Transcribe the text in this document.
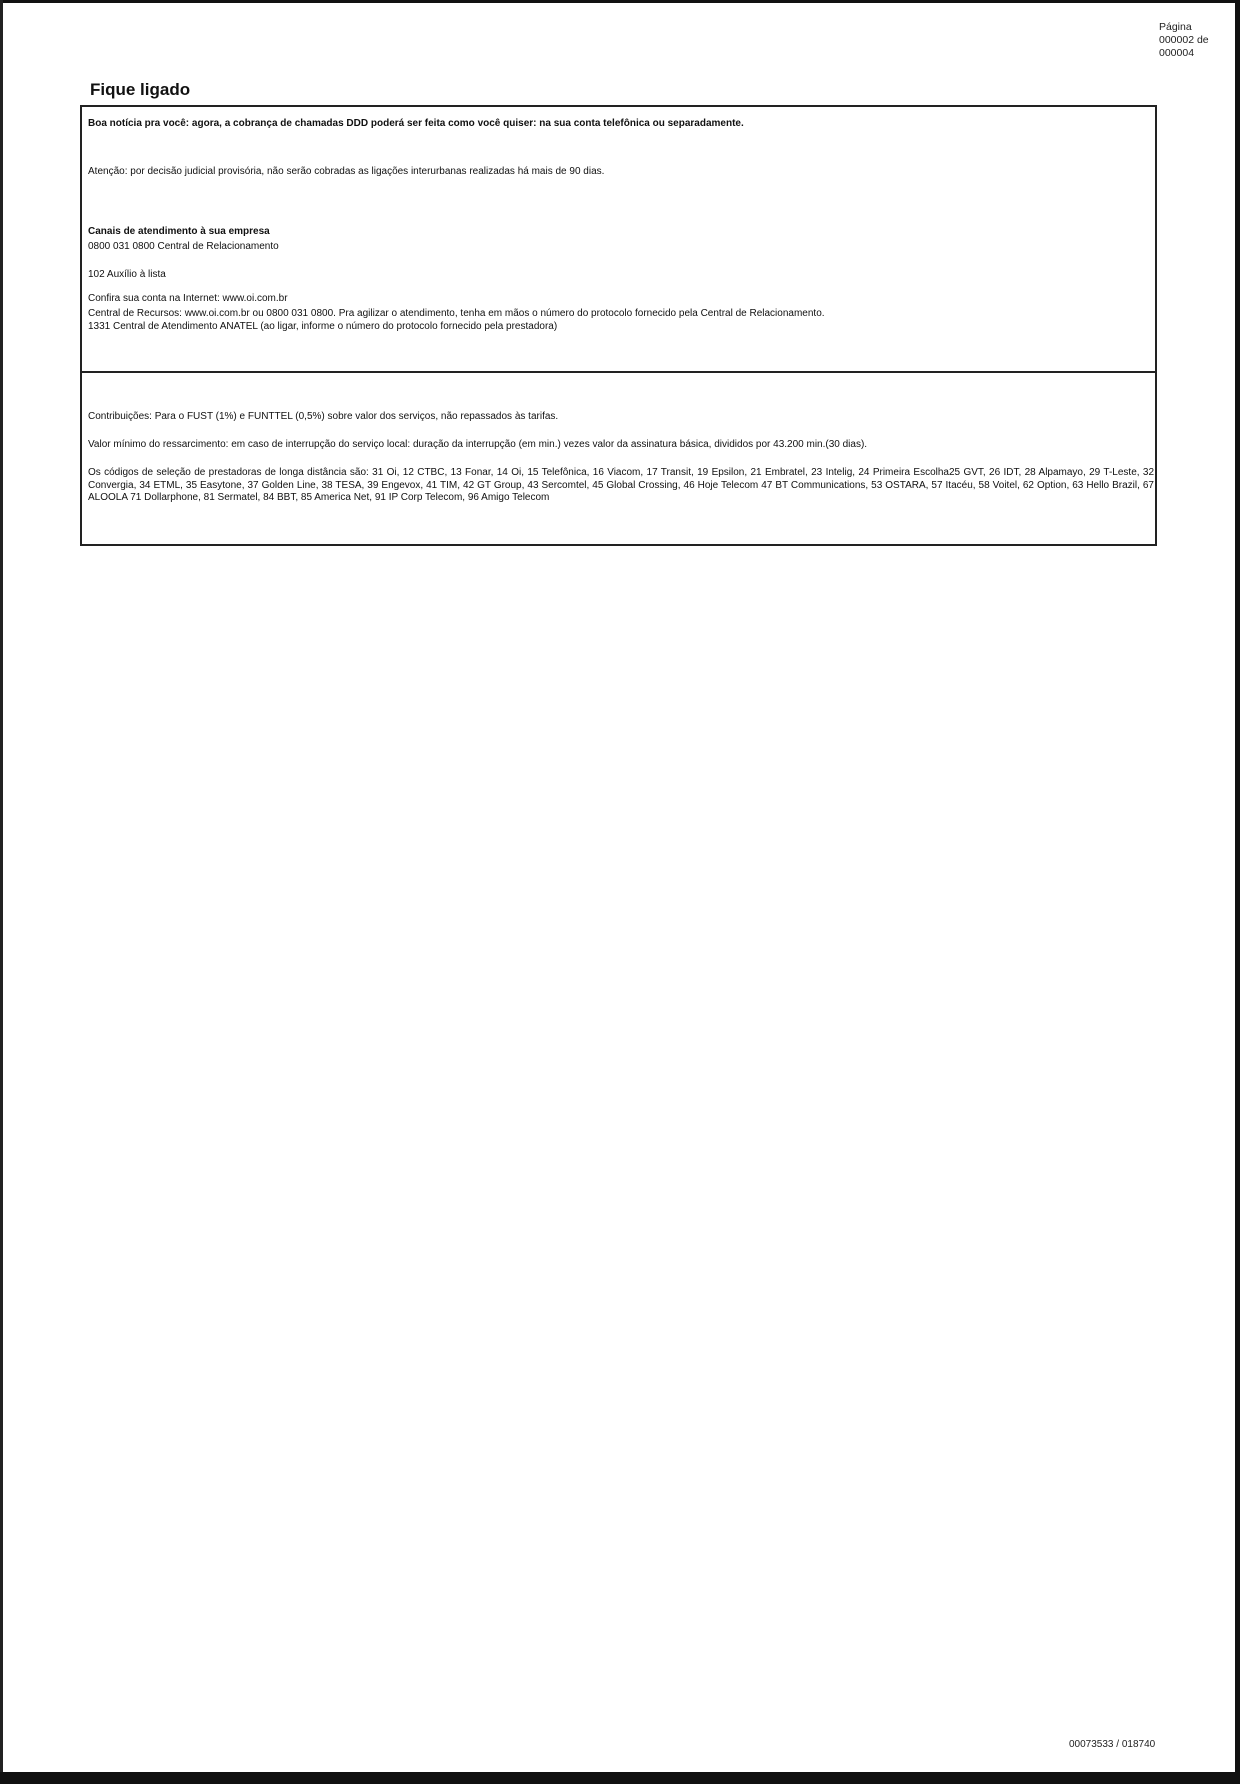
Página
000002 de
000004
Fique ligado
Boa notícia pra você: agora, a cobrança de chamadas DDD poderá ser feita como você quiser: na sua conta telefônica ou separadamente.
Atenção: por decisão judicial provisória, não serão cobradas as ligações interurbanas realizadas há mais de 90 dias.
Canais de atendimento à sua empresa
0800 031 0800 Central de Relacionamento
102 Auxílio à lista
Confira sua conta na Internet: www.oi.com.br
Central de Recursos: www.oi.com.br ou 0800 031 0800. Pra agilizar o atendimento, tenha em mãos o número do protocolo fornecido pela Central de Relacionamento.
1331 Central de Atendimento ANATEL (ao ligar, informe o número do protocolo fornecido pela prestadora)
Contribuições: Para o FUST (1%) e FUNTTEL (0,5%) sobre valor dos serviços, não repassados às tarifas.
Valor mínimo do ressarcimento: em caso de interrupção do serviço local: duração da interrupção (em min.) vezes valor da assinatura básica, divididos por 43.200 min.(30 dias).
Os códigos de seleção de prestadoras de longa distância são: 31 Oi, 12 CTBC, 13 Fonar, 14 Oi, 15 Telefônica, 16 Viacom, 17 Transit, 19 Epsilon, 21 Embratel, 23 Intelig, 24 Primeira Escolha25 GVT, 26 IDT, 28 Alpamayo, 29 T-Leste, 32 Convergia, 34 ETML, 35 Easytone, 37 Golden Line, 38 TESA, 39 Engevox, 41 TIM, 42 GT Group, 43 Sercomtel, 45 Global Crossing, 46 Hoje Telecom 47 BT Communications, 53 OSTARA, 57 Itacéu, 58 Voitel, 62 Option, 63 Hello Brazil, 67 ALOOLA 71 Dollarphone, 81 Sermatel, 84 BBT, 85 America Net, 91 IP Corp Telecom, 96 Amigo Telecom
00073533 / 018740
